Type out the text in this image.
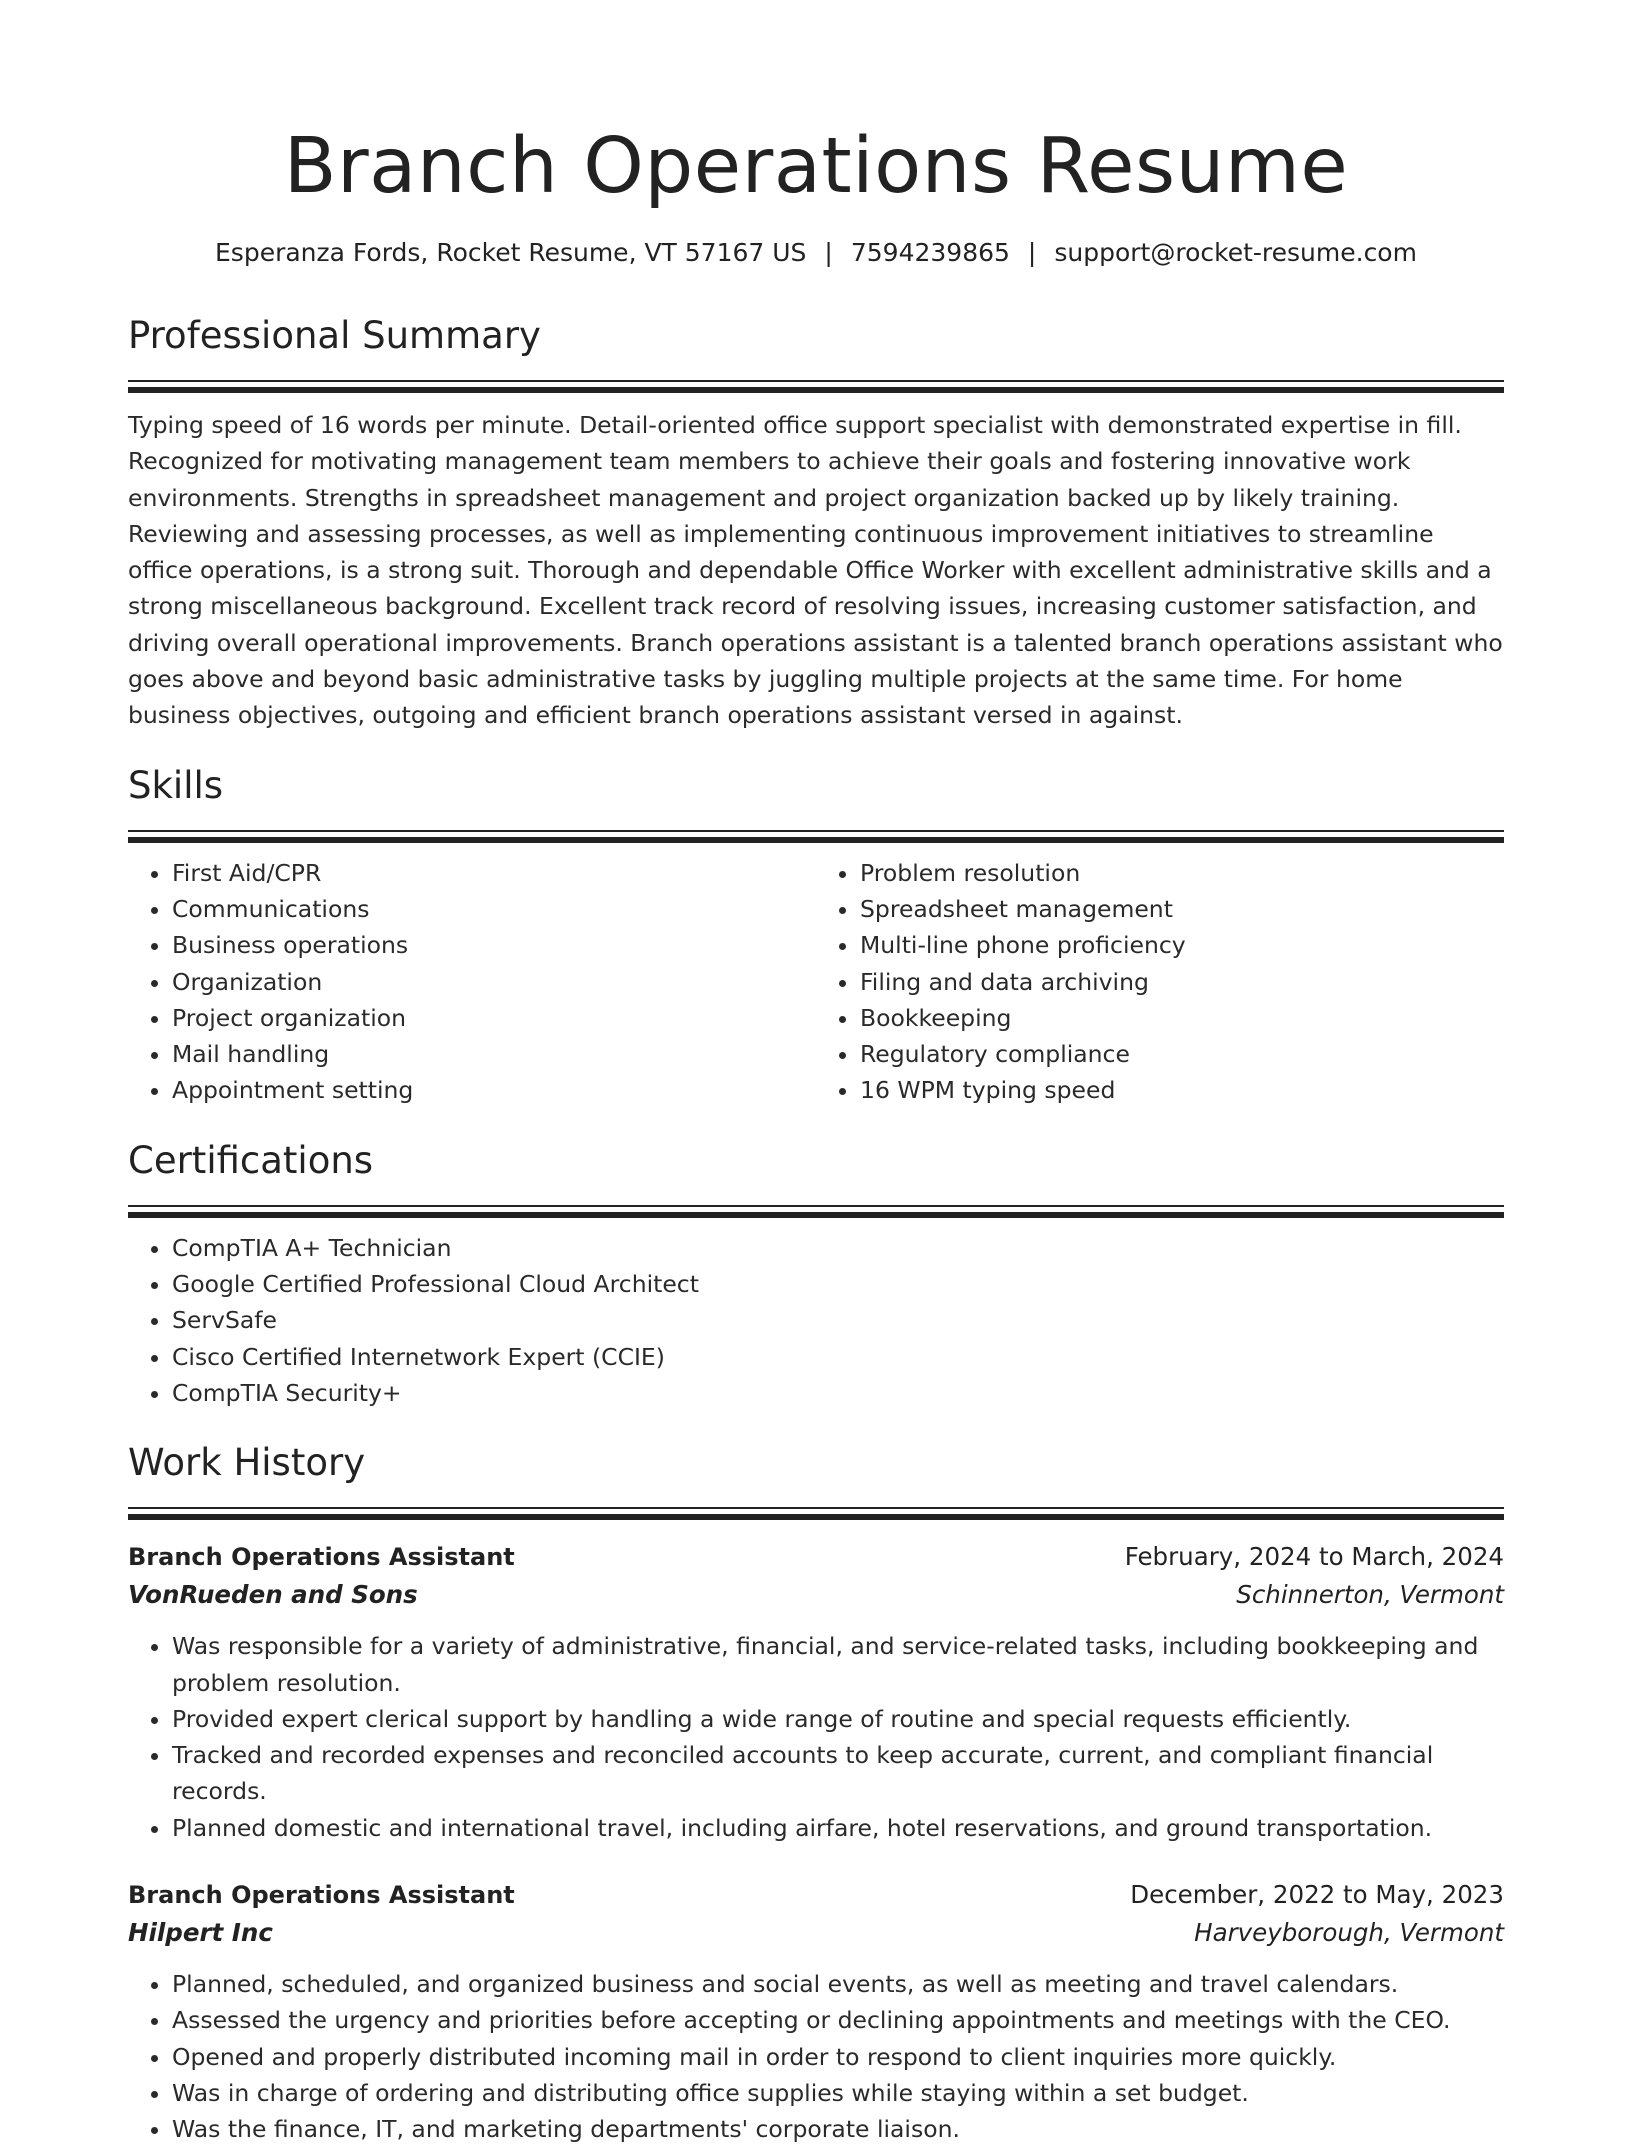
Branch Operations Resume
Esperanza Fords, Rocket Resume, VT 57167 US | 7594239865 | support@rocket-resume.com
Professional Summary
Typing speed of 16 words per minute. Detail-oriented office support specialist with demonstrated expertise in fill. Recognized for motivating management team members to achieve their goals and fostering innovative work environments. Strengths in spreadsheet management and project organization backed up by likely training. Reviewing and assessing processes, as well as implementing continuous improvement initiatives to streamline office operations, is a strong suit. Thorough and dependable Office Worker with excellent administrative skills and a strong miscellaneous background. Excellent track record of resolving issues, increasing customer satisfaction, and driving overall operational improvements. Branch operations assistant is a talented branch operations assistant who goes above and beyond basic administrative tasks by juggling multiple projects at the same time. For home business objectives, outgoing and efficient branch operations assistant versed in against.
Skills
• First Aid/CPR
• Communications
• Business operations
• Organization
• Project organization
• Mail handling
• Appointment setting
• Problem resolution
• Spreadsheet management
• Multi-line phone proficiency
• Filing and data archiving
• Bookkeeping
• Regulatory compliance
• 16 WPM typing speed
Certifications
• CompTIA A+ Technician
• Google Certified Professional Cloud Architect
• ServSafe
• Cisco Certified Internetwork Expert (CCIE)
• CompTIA Security+
Work History
Branch Operations Assistant	February, 2024 to March, 2024
VonRueden and Sons	Schinnerton, Vermont
• Was responsible for a variety of administrative, financial, and service-related tasks, including bookkeeping and problem resolution.
• Provided expert clerical support by handling a wide range of routine and special requests efficiently.
• Tracked and recorded expenses and reconciled accounts to keep accurate, current, and compliant financial records.
• Planned domestic and international travel, including airfare, hotel reservations, and ground transportation.
Branch Operations Assistant	December, 2022 to May, 2023
Hilpert Inc	Harveyborough, Vermont
• Planned, scheduled, and organized business and social events, as well as meeting and travel calendars.
• Assessed the urgency and priorities before accepting or declining appointments and meetings with the CEO.
• Opened and properly distributed incoming mail in order to respond to client inquiries more quickly.
• Was in charge of ordering and distributing office supplies while staying within a set budget.
• Was the finance, IT, and marketing departments' corporate liaison.
